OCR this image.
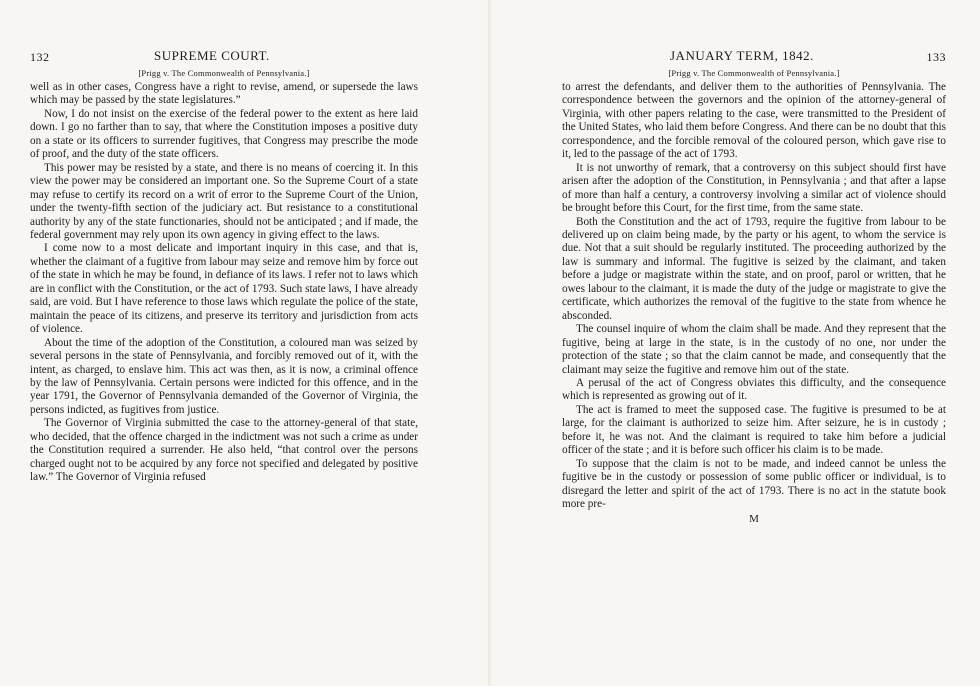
132	SUPREME COURT.
[Prigg v. The Commonwealth of Pennsylvania.]

well as in other cases, Congress have a right to revise, amend, or supersede the laws which may be passed by the state legislatures.”

Now, I do not insist on the exercise of the federal power to the extent as here laid down. I go no farther than to say, that where the Constitution imposes a positive duty on a state or its officers to surrender fugitives, that Congress may prescribe the mode of proof, and the duty of the state officers.

This power may be resisted by a state, and there is no means of coercing it. In this view the power may be considered an important one. So the Supreme Court of a state may refuse to certify its record on a writ of error to the Supreme Court of the Union, under the twenty-fifth section of the judiciary act. But resistance to a constitutional authority by any of the state functionaries, should not be anticipated ; and if made, the federal government may rely upon its own agency in giving effect to the laws.

I come now to a most delicate and important inquiry in this case, and that is, whether the claimant of a fugitive from labour may seize and remove him by force out of the state in which he may be found, in defiance of its laws. I refer not to laws which are in conflict with the Constitution, or the act of 1793. Such state laws, I have already said, are void. But I have reference to those laws which regulate the police of the state, maintain the peace of its citizens, and preserve its territory and jurisdiction from acts of violence.

About the time of the adoption of the Constitution, a coloured man was seized by several persons in the state of Pennsylvania, and forcibly removed out of it, with the intent, as charged, to enslave him. This act was then, as it is now, a criminal offence by the law of Pennsylvania. Certain persons were indicted for this offence, and in the year 1791, the Governor of Pennsylvania demanded of the Governor of Virginia, the persons indicted, as fugitives from justice.

The Governor of Virginia submitted the case to the attorney-general of that state, who decided, that the offence charged in the indictment was not such a crime as under the Constitution required a surrender. He also held, “that control over the persons charged ought not to be acquired by any force not specified and delegated by positive law.” The Governor of Virginia refused

JANUARY TERM, 1842.	133
[Prigg v. The Commonwealth of Pennsylvania.]

to arrest the defendants, and deliver them to the authorities of Pennsylvania. The correspondence between the governors and the opinion of the attorney-general of Virginia, with other papers relating to the case, were transmitted to the President of the United States, who laid them before Congress. And there can be no doubt that this correspondence, and the forcible removal of the coloured person, which gave rise to it, led to the passage of the act of 1793.

It is not unworthy of remark, that a controversy on this subject should first have arisen after the adoption of the Constitution, in Pennsylvania ; and that after a lapse of more than half a century, a controversy involving a similar act of violence should be brought before this Court, for the first time, from the same state.

Both the Constitution and the act of 1793, require the fugitive from labour to be delivered up on claim being made, by the party or his agent, to whom the service is due. Not that a suit should be regularly instituted. The proceeding authorized by the law is summary and informal. The fugitive is seized by the claimant, and taken before a judge or magistrate within the state, and on proof, parol or written, that he owes labour to the claimant, it is made the duty of the judge or magistrate to give the certificate, which authorizes the removal of the fugitive to the state from whence he absconded.

The counsel inquire of whom the claim shall be made. And they represent that the fugitive, being at large in the state, is in the custody of no one, nor under the protection of the state ; so that the claim cannot be made, and consequently that the claimant may seize the fugitive and remove him out of the state.

A perusal of the act of Congress obviates this difficulty, and the consequence which is represented as growing out of it.

The act is framed to meet the supposed case. The fugitive is presumed to be at large, for the claimant is authorized to seize him. After seizure, he is in custody ; before it, he was not. And the claimant is required to take him before a judicial officer of the state ; and it is before such officer his claim is to be made.

To suppose that the claim is not to be made, and indeed cannot be unless the fugitive be in the custody or possession of some public officer or individual, is to disregard the letter and spirit of the act of 1793. There is no act in the statute book more pre-

M
